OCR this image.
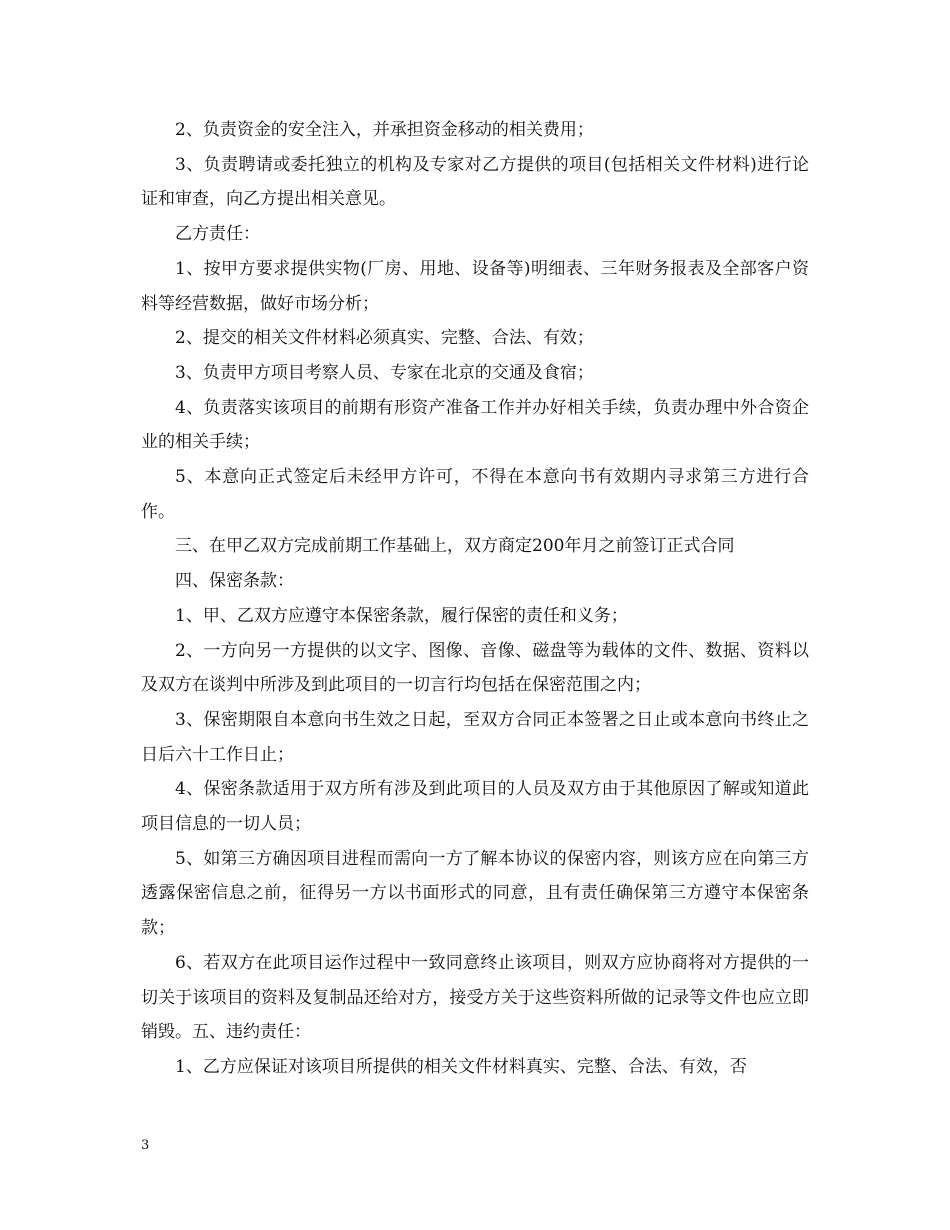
2、负责资金的安全注入，并承担资金移动的相关费用；

3、负责聘请或委托独立的机构及专家对乙方提供的项目(包括相关文件材料)进行论证和审查，向乙方提出相关意见。

乙方责任：

1、按甲方要求提供实物(厂房、用地、设备等)明细表、三年财务报表及全部客户资料等经营数据，做好市场分析；

2、提交的相关文件材料必须真实、完整、合法、有效；

3、负责甲方项目考察人员、专家在北京的交通及食宿；

4、负责落实该项目的前期有形资产准备工作并办好相关手续，负责办理中外合资企业的相关手续；

5、本意向正式签定后未经甲方许可，不得在本意向书有效期内寻求第三方进行合作。

三、在甲乙双方完成前期工作基础上，双方商定200年月之前签订正式合同

四、保密条款：

1、甲、乙双方应遵守本保密条款，履行保密的责任和义务；

2、一方向另一方提供的以文字、图像、音像、磁盘等为载体的文件、数据、资料以及双方在谈判中所涉及到此项目的一切言行均包括在保密范围之内；

3、保密期限自本意向书生效之日起，至双方合同正本签署之日止或本意向书终止之日后六十工作日止；

4、保密条款适用于双方所有涉及到此项目的人员及双方由于其他原因了解或知道此项目信息的一切人员；

5、如第三方确因项目进程而需向一方了解本协议的保密内容，则该方应在向第三方透露保密信息之前，征得另一方以书面形式的同意，且有责任确保第三方遵守本保密条款；

6、若双方在此项目运作过程中一致同意终止该项目，则双方应协商将对方提供的一切关于该项目的资料及复制品还给对方，接受方关于这些资料所做的记录等文件也应立即销毁。五、违约责任：

1、乙方应保证对该项目所提供的相关文件材料真实、完整、合法、有效，否

3
